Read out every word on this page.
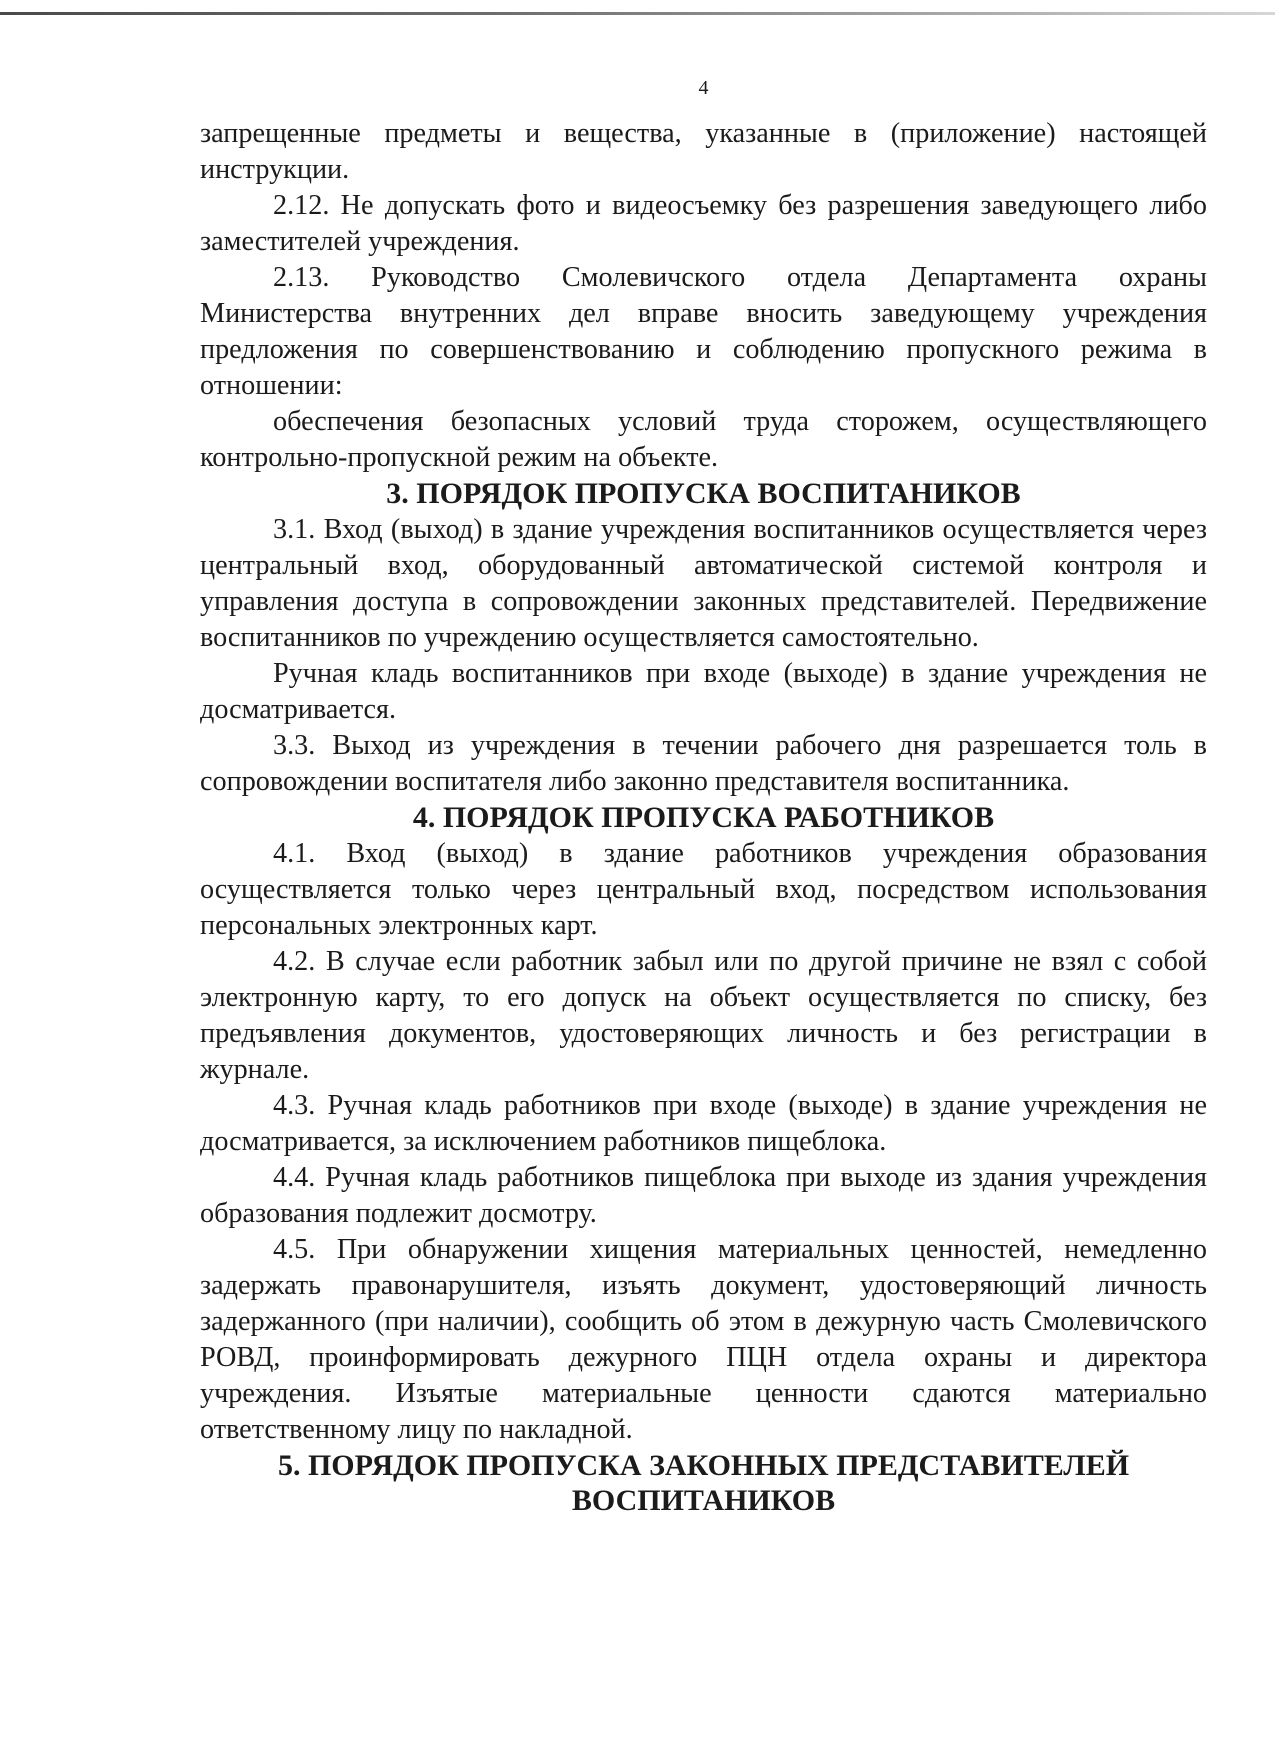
4

запрещенные предметы и вещества, указанные в (приложение) настоящей инструкции.

2.12. Не допускать фото и видеосъемку без разрешения заведующего либо заместителей учреждения.

2.13. Руководство Смолевичского отдела Департамента охраны Министерства внутренних дел вправе вносить заведующему учреждения предложения по совершенствованию и соблюдению пропускного режима в отношении:

обеспечения безопасных условий труда сторожем, осуществляющего контрольно-пропускной режим на объекте.

3. ПОРЯДОК ПРОПУСКА ВОСПИТАНИКОВ

3.1. Вход (выход) в здание учреждения воспитанников осуществляется через центральный вход, оборудованный автоматической системой контроля и управления доступа в сопровождении законных представителей. Передвижение воспитанников по учреждению осуществляется самостоятельно.

Ручная кладь воспитанников при входе (выходе) в здание учреждения не досматривается.

3.3. Выход из учреждения в течении рабочего дня разрешается толь в сопровождении воспитателя либо законно представителя воспитанника.

4. ПОРЯДОК ПРОПУСКА РАБОТНИКОВ

4.1. Вход (выход) в здание работников учреждения образования осуществляется только через центральный вход, посредством использования персональных электронных карт.

4.2. В случае если работник забыл или по другой причине не взял с собой электронную карту, то его допуск на объект осуществляется по списку, без предъявления документов, удостоверяющих личность и без регистрации в журнале.

4.3. Ручная кладь работников при входе (выходе) в здание учреждения не досматривается, за исключением работников пищеблока.

4.4. Ручная кладь работников пищеблока при выходе из здания учреждения образования подлежит досмотру.

4.5. При обнаружении хищения материальных ценностей, немедленно задержать правонарушителя, изъять документ, удостоверяющий личность задержанного (при наличии), сообщить об этом в дежурную часть Смолевичского РОВД, проинформировать дежурного ПЦН отдела охраны и директора учреждения. Изъятые материальные ценности сдаются материально ответственному лицу по накладной.

5. ПОРЯДОК ПРОПУСКА ЗАКОННЫХ ПРЕДСТАВИТЕЛЕЙ ВОСПИТАНИКОВ
